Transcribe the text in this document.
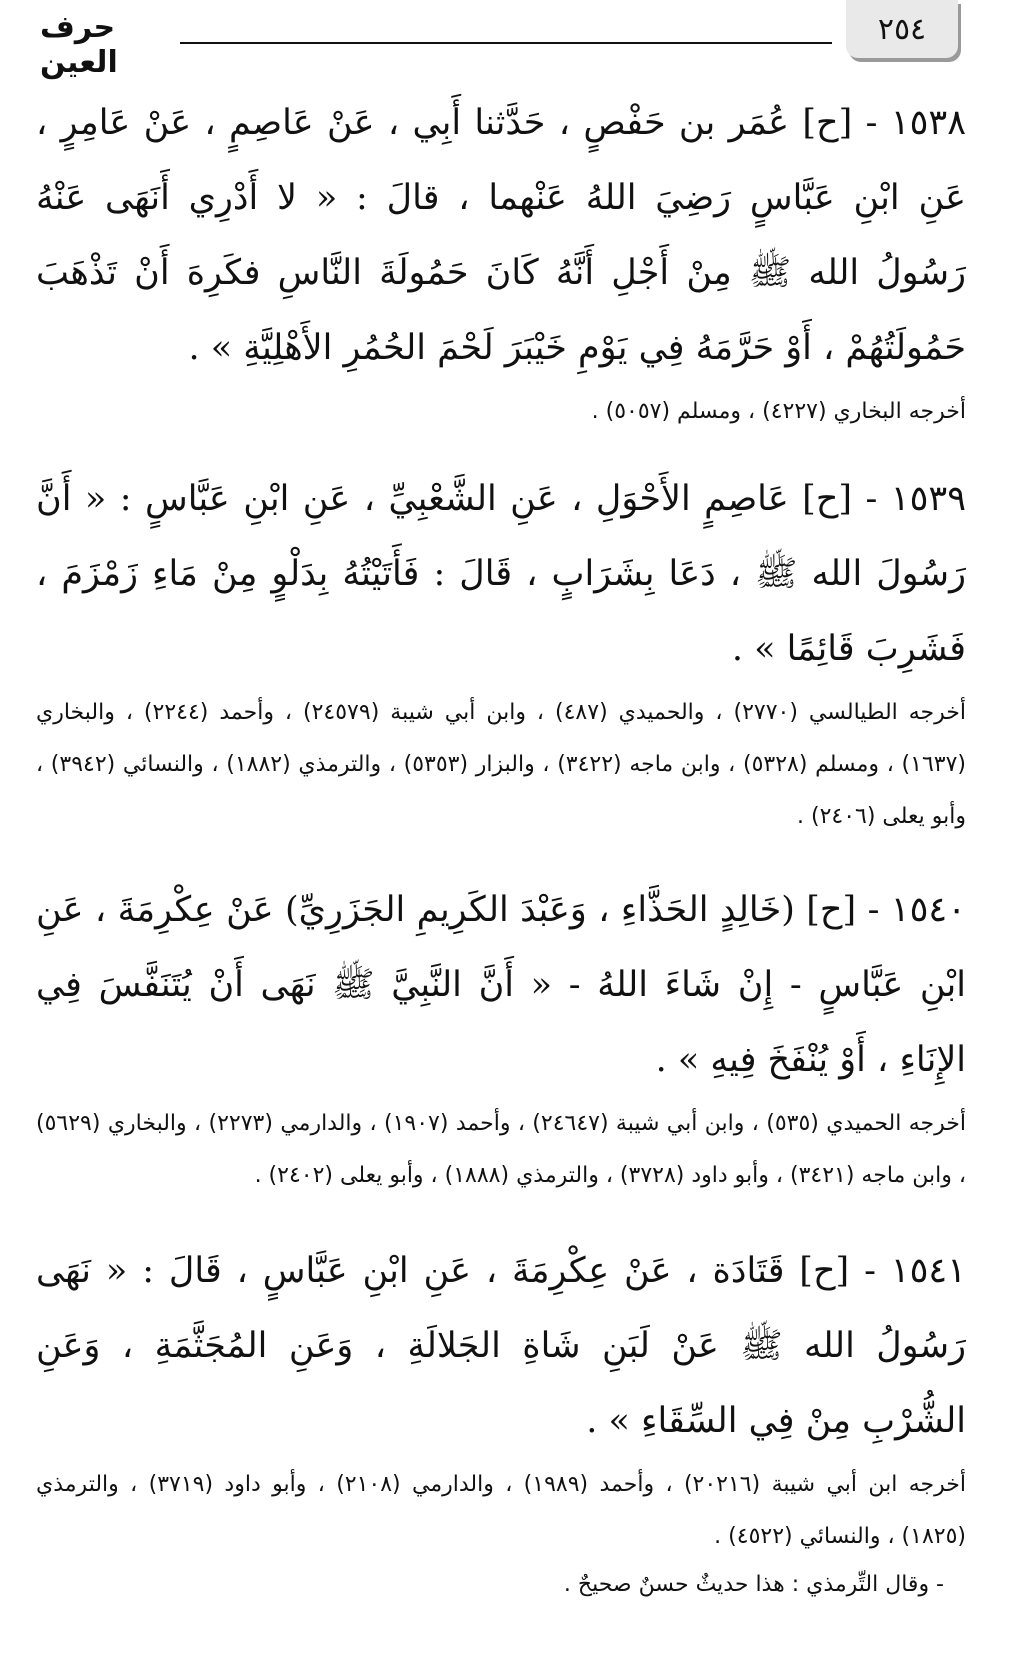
٢٥٤
حرف العين

١٥٣٨ - [ح] عُمَر بن حَفْصٍ ، حَدَّثنا أَبِي ، عَنْ عَاصِمٍ ، عَنْ عَامِرٍ ، عَنِ ابْنِ عَبَّاسٍ رَضِيَ اللهُ عَنْهما ، قالَ : « لا أَدْرِي أَنَهَى عَنْهُ رَسُولُ الله ﷺ مِنْ أَجْلِ أَنَّهُ كَانَ حَمُولَةَ النَّاسِ فكَرِهَ أَنْ تَذْهَبَ حَمُولَتُهُمْ ، أَوْ حَرَّمَهُ فِي يَوْمِ خَيْبَرَ لَحْمَ الحُمُرِ الأَهْلِيَّةِ » .

أخرجه البخاري (٤٢٢٧) ، ومسلم (٥٠٥٧) .

١٥٣٩ - [ح] عَاصِمٍ الأَحْوَلِ ، عَنِ الشَّعْبِيِّ ، عَنِ ابْنِ عَبَّاسٍ : « أَنَّ رَسُولَ الله ﷺ ، دَعَا بِشَرَابٍ ، قَالَ : فَأَتَيْتُهُ بِدَلْوٍ مِنْ مَاءِ زَمْزَمَ ، فَشَرِبَ قَائِمًا » .

أخرجه الطيالسي (٢٧٧٠) ، والحميدي (٤٨٧) ، وابن أبي شيبة (٢٤٥٧٩) ، وأحمد (٢٢٤٤) ، والبخاري (١٦٣٧) ، ومسلم (٥٣٢٨) ، وابن ماجه (٣٤٢٢) ، والبزار (٥٣٥٣) ، والترمذي (١٨٨٢) ، والنسائي (٣٩٤٢) ، وأبو يعلى (٢٤٠٦) .

١٥٤٠ - [ح] (خَالِدٍ الحَذَّاءِ ، وَعَبْدَ الكَرِيمِ الجَزَرِيِّ) عَنْ عِكْرِمَةَ ، عَنِ ابْنِ عَبَّاسٍ - إِنْ شَاءَ اللهُ - « أَنَّ النَّبِيَّ ﷺ نَهَى أَنْ يُتَنَفَّسَ فِي الإِنَاءِ ، أَوْ يُنْفَخَ فِيهِ » .

أخرجه الحميدي (٥٣٥) ، وابن أبي شيبة (٢٤٦٤٧) ، وأحمد (١٩٠٧) ، والدارمي (٢٢٧٣) ، والبخاري (٥٦٢٩) ، وابن ماجه (٣٤٢١) ، وأبو داود (٣٧٢٨) ، والترمذي (١٨٨٨) ، وأبو يعلى (٢٤٠٢) .

١٥٤١ - [ح] قَتَادَة ، عَنْ عِكْرِمَةَ ، عَنِ ابْنِ عَبَّاسٍ ، قَالَ : « نَهَى رَسُولُ الله ﷺ عَنْ لَبَنِ شَاةِ الجَلالَةِ ، وَعَنِ المُجَثَّمَةِ ، وَعَنِ الشُّرْبِ مِنْ فِي السِّقَاءِ » .

أخرجه ابن أبي شيبة (٢٠٢١٦) ، وأحمد (١٩٨٩) ، والدارمي (٢١٠٨) ، وأبو داود (٣٧١٩) ، والترمذي (١٨٢٥) ، والنسائي (٤٥٢٢) .

- وقال التِّرمذي : هذا حديثٌ حسنٌ صحيحٌ .
